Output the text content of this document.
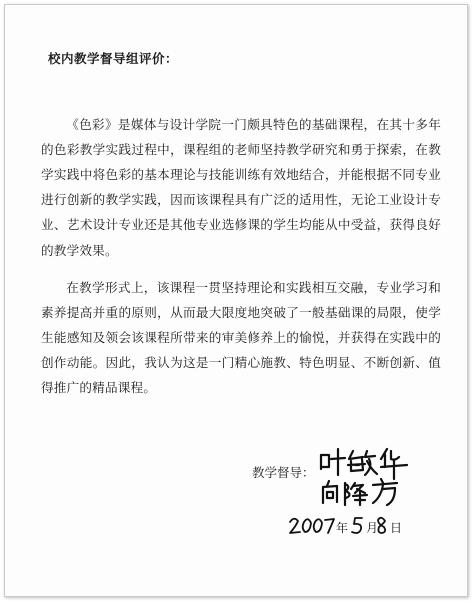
校内教学督导组评价：

《色彩》是媒体与设计学院一门颇具特色的基础课程，在其十多年的色彩教学实践过程中，课程组的老师坚持教学研究和勇于探索，在教学实践中将色彩的基本理论与技能训练有效地结合，并能根据不同专业进行创新的教学实践，因而该课程具有广泛的适用性，无论工业设计专业、艺术设计专业还是其他专业选修课的学生均能从中受益，获得良好的教学效果。

在教学形式上，该课程一贯坚持理论和实践相互交融，专业学习和素养提高并重的原则，从而最大限度地突破了一般基础课的局限，使学生能感知及领会该课程所带来的审美修养上的愉悦，并获得在实践中的创作动能。因此，我认为这是一门精心施教、特色明显、不断创新、值得推广的精品课程。

教学督导：
年 月 日
